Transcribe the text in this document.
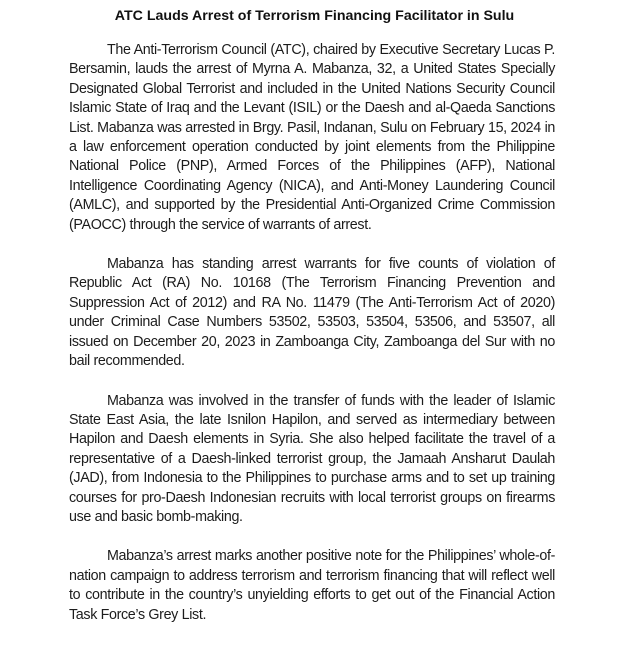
ATC Lauds Arrest of Terrorism Financing Facilitator in Sulu

The Anti-Terrorism Council (ATC), chaired by Executive Secretary Lucas P. Bersamin, lauds the arrest of Myrna A. Mabanza, 32, a United States Specially Designated Global Terrorist and included in the United Nations Security Council Islamic State of Iraq and the Levant (ISIL) or the Daesh and al-Qaeda Sanctions List. Mabanza was arrested in Brgy. Pasil, Indanan, Sulu on February 15, 2024 in a law enforcement operation conducted by joint elements from the Philippine National Police (PNP), Armed Forces of the Philippines (AFP), National Intelligence Coordinating Agency (NICA), and Anti-Money Laundering Council (AMLC), and supported by the Presidential Anti-Organized Crime Commission (PAOCC) through the service of warrants of arrest.

Mabanza has standing arrest warrants for five counts of violation of Republic Act (RA) No. 10168 (The Terrorism Financing Prevention and Suppression Act of 2012) and RA No. 11479 (The Anti-Terrorism Act of 2020) under Criminal Case Numbers 53502, 53503, 53504, 53506, and 53507, all issued on December 20, 2023 in Zamboanga City, Zamboanga del Sur with no bail recommended.

Mabanza was involved in the transfer of funds with the leader of Islamic State East Asia, the late Isnilon Hapilon, and served as intermediary between Hapilon and Daesh elements in Syria. She also helped facilitate the travel of a representative of a Daesh-linked terrorist group, the Jamaah Ansharut Daulah (JAD), from Indonesia to the Philippines to purchase arms and to set up training courses for pro-Daesh Indonesian recruits with local terrorist groups on firearms use and basic bomb-making.

Mabanza’s arrest marks another positive note for the Philippines’ whole-of-nation campaign to address terrorism and terrorism financing that will reflect well to contribute in the country’s unyielding efforts to get out of the Financial Action Task Force’s Grey List.
